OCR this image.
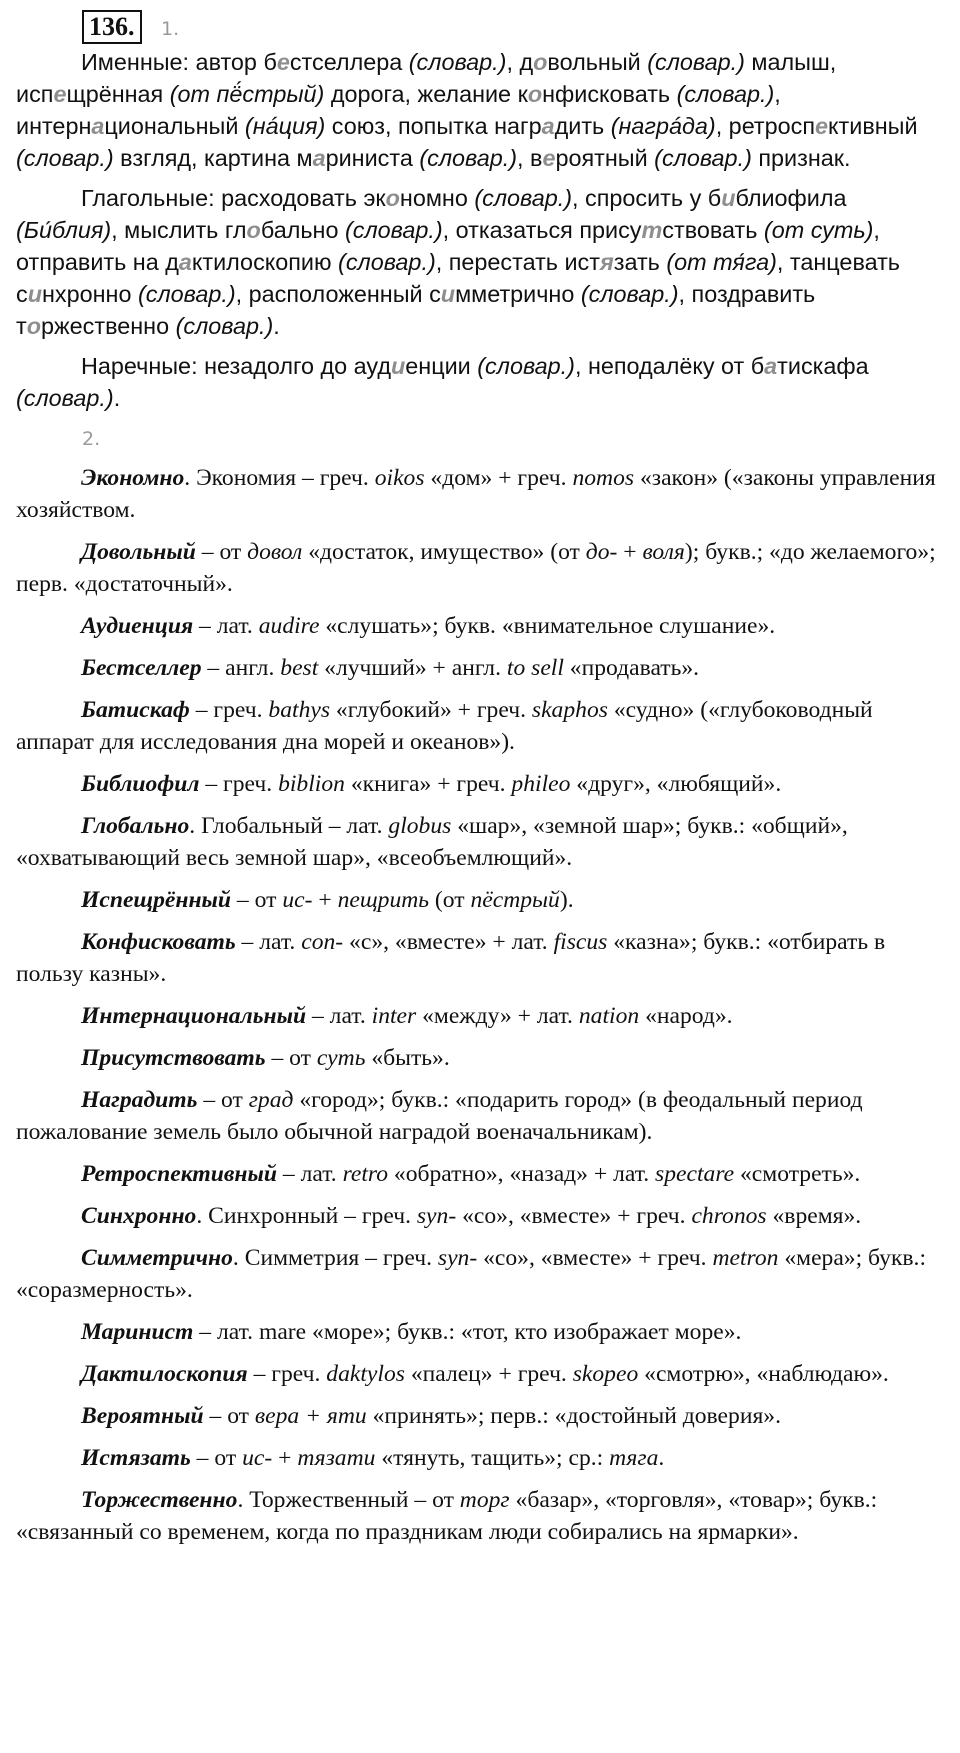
136.	1.

Именные: автор бестселлера (словар.), довольный (словар.) малыш, испещрённая (от пё́стрый) дорога, желание конфисковать (словар.), интернациональный (нáция) союз, попытка наградить (нагрáда), ретроспективный (словар.) взгляд, картина мариниста (словар.), вероятный (словар.) признак.

Глагольные: расходовать экономно (словар.), спросить у библиофила (Би́блия), мыслить глобально (словар.), отказаться присутствовать (от суть), отправить на дактилоскопию (словар.), перестать истязать (от тя́га), танцевать синхронно (словар.), расположенный симметрично (словар.), поздравить торжественно (словар.).

Наречные: незадолго до аудиенции (словар.), неподалёку от батискафа (словар.).

2.

Экономно. Экономия – греч. oikos «дом» + греч. nomos «закон» («законы управления хозяйством.

Довольный – от довол «достаток, имущество» (от до- + воля); букв.; «до желаемого»; перв. «достаточный».

Аудиенция – лат. audire «слушать»; букв. «внимательное слушание».

Бестселлер – англ. best «лучший» + англ. to sell «продавать».

Батискаф – греч. bathys «глубокий» + греч. skaphos «судно» («глубоководный аппарат для исследования дна морей и океанов»).

Библиофил – греч. biblion «книга» + греч. phileo «друг», «любящий».

Глобально. Глобальный – лат. globus «шар», «земной шар»; букв.: «общий», «охватывающий весь земной шар», «всеобъемлющий».

Испещрённый – от ис- + пещрить (от пёстрый).

Конфисковать – лат. con- «с», «вместе» + лат. fiscus «казна»; букв.: «отбирать в пользу казны».

Интернациональный – лат. inter «между» + лат. nation «народ».

Присутствовать – от суть «быть».

Наградить – от град «город»; букв.: «подарить город» (в феодальный период пожалование земель было обычной наградой военачальникам).

Ретроспективный – лат. retro «обратно», «назад» + лат. spectare «смотреть».

Синхронно. Синхронный – греч. syn- «со», «вместе» + греч. chronos «время».

Симметрично. Симметрия – греч. syn- «со», «вместе» + греч. metron «мера»; букв.: «соразмерность».

Маринист – лат. mare «море»; букв.: «тот, кто изображает море».

Дактилоскопия – греч. daktylos «палец» + греч. skopeo «смотрю», «наблюдаю».

Вероятный – от вера + яти «принять»; перв.: «достойный доверия».

Истязать – от ис- + тязати «тянуть, тащить»; ср.: тяга.

Торжественно. Торжественный – от торг «базар», «торговля», «товар»; букв.: «связанный со временем, когда по праздникам люди собирались на ярмарки».
